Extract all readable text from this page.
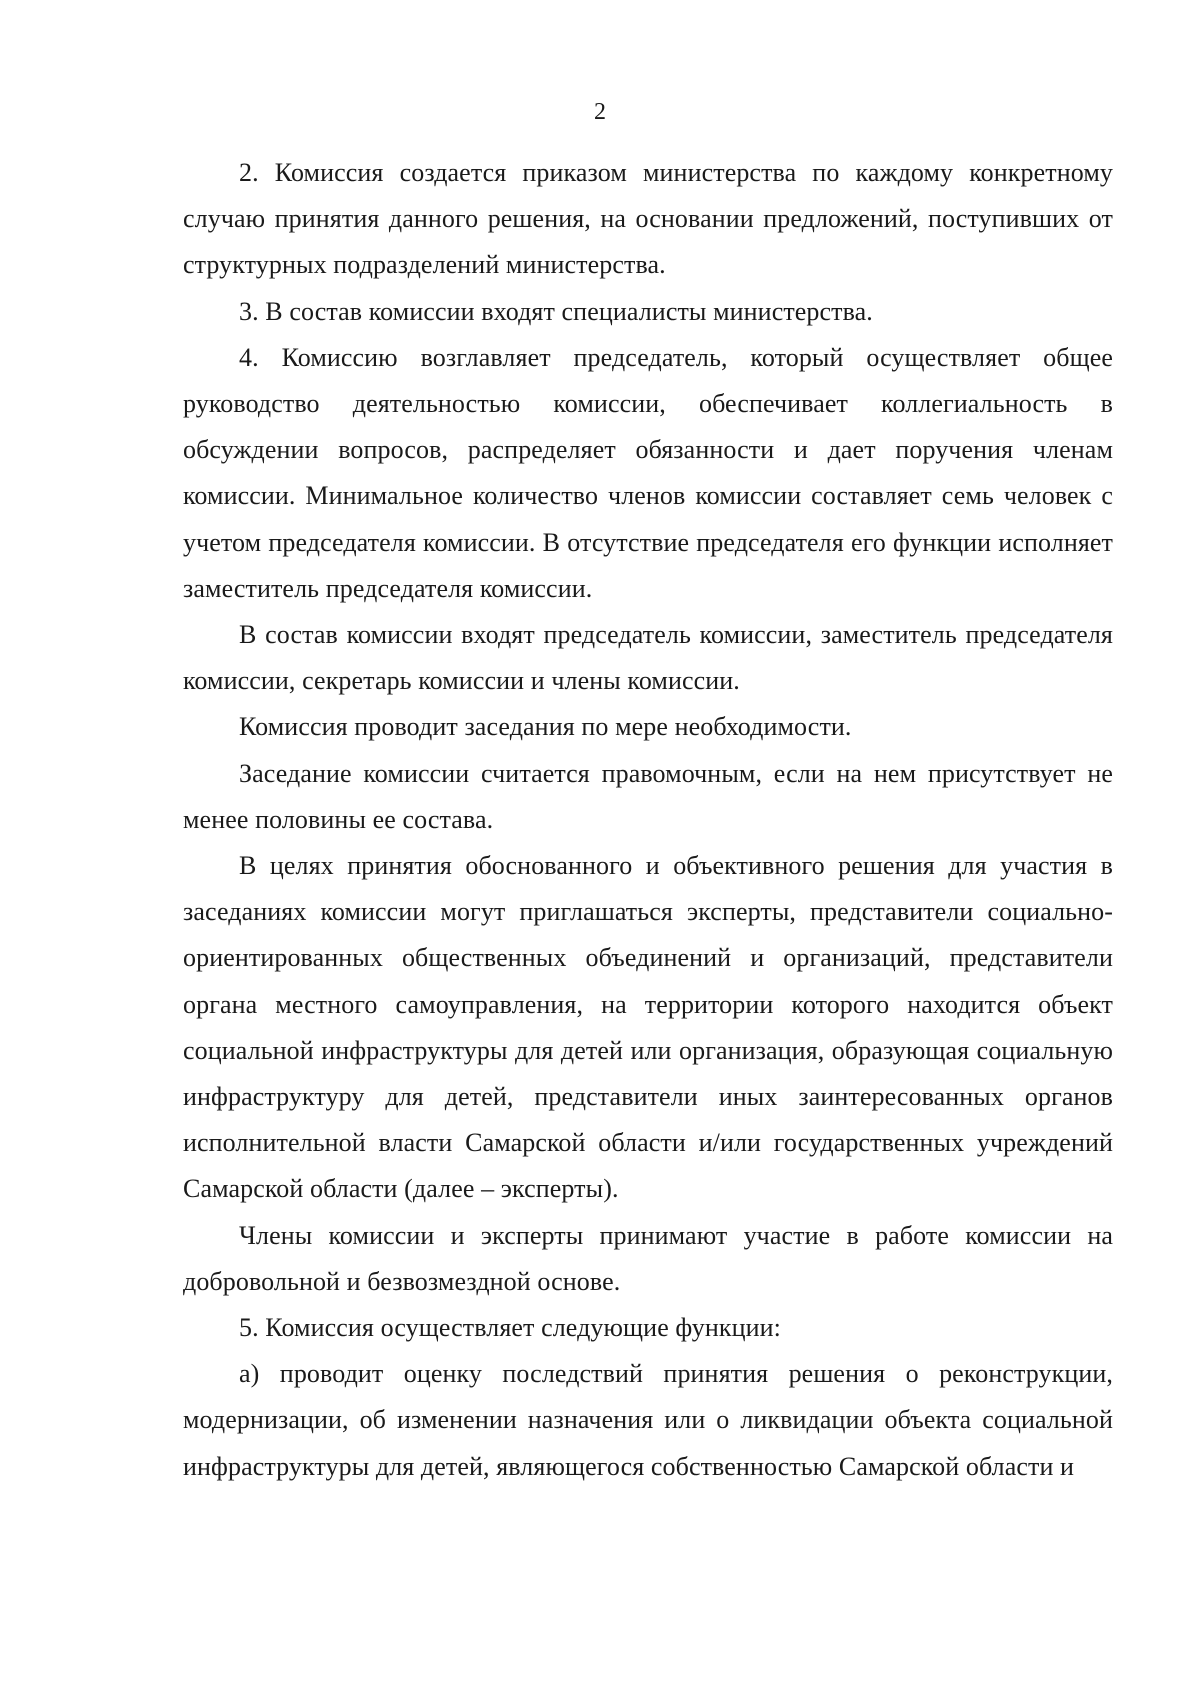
2

2. Комиссия создается приказом министерства по каждому конкретному случаю принятия данного решения, на основании предложений, поступивших от структурных подразделений министерства.

3. В состав комиссии входят специалисты министерства.

4. Комиссию возглавляет председатель, который осуществляет общее руководство деятельностью комиссии, обеспечивает коллегиальность в обсуждении вопросов, распределяет обязанности и дает поручения членам комиссии. Минимальное количество членов комиссии составляет семь человек с учетом председателя комиссии. В отсутствие председателя его функции исполняет заместитель председателя комиссии.

В состав комиссии входят председатель комиссии, заместитель председателя комиссии, секретарь комиссии и члены комиссии.

Комиссия проводит заседания по мере необходимости.

Заседание комиссии считается правомочным, если на нем присутствует не менее половины ее состава.

В целях принятия обоснованного и объективного решения для участия в заседаниях комиссии могут приглашаться эксперты, представители социально-ориентированных общественных объединений и организаций, представители органа местного самоуправления, на территории которого находится объект социальной инфраструктуры для детей или организация, образующая социальную инфраструктуру для детей, представители иных заинтересованных органов исполнительной власти Самарской области и/или государственных учреждений Самарской области (далее – эксперты).

Члены комиссии и эксперты принимают участие в работе комиссии на добровольной и безвозмездной основе.

5. Комиссия осуществляет следующие функции:

а) проводит оценку последствий принятия решения о реконструкции, модернизации, об изменении назначения или о ликвидации объекта социальной инфраструктуры для детей, являющегося собственностью Самарской области и
